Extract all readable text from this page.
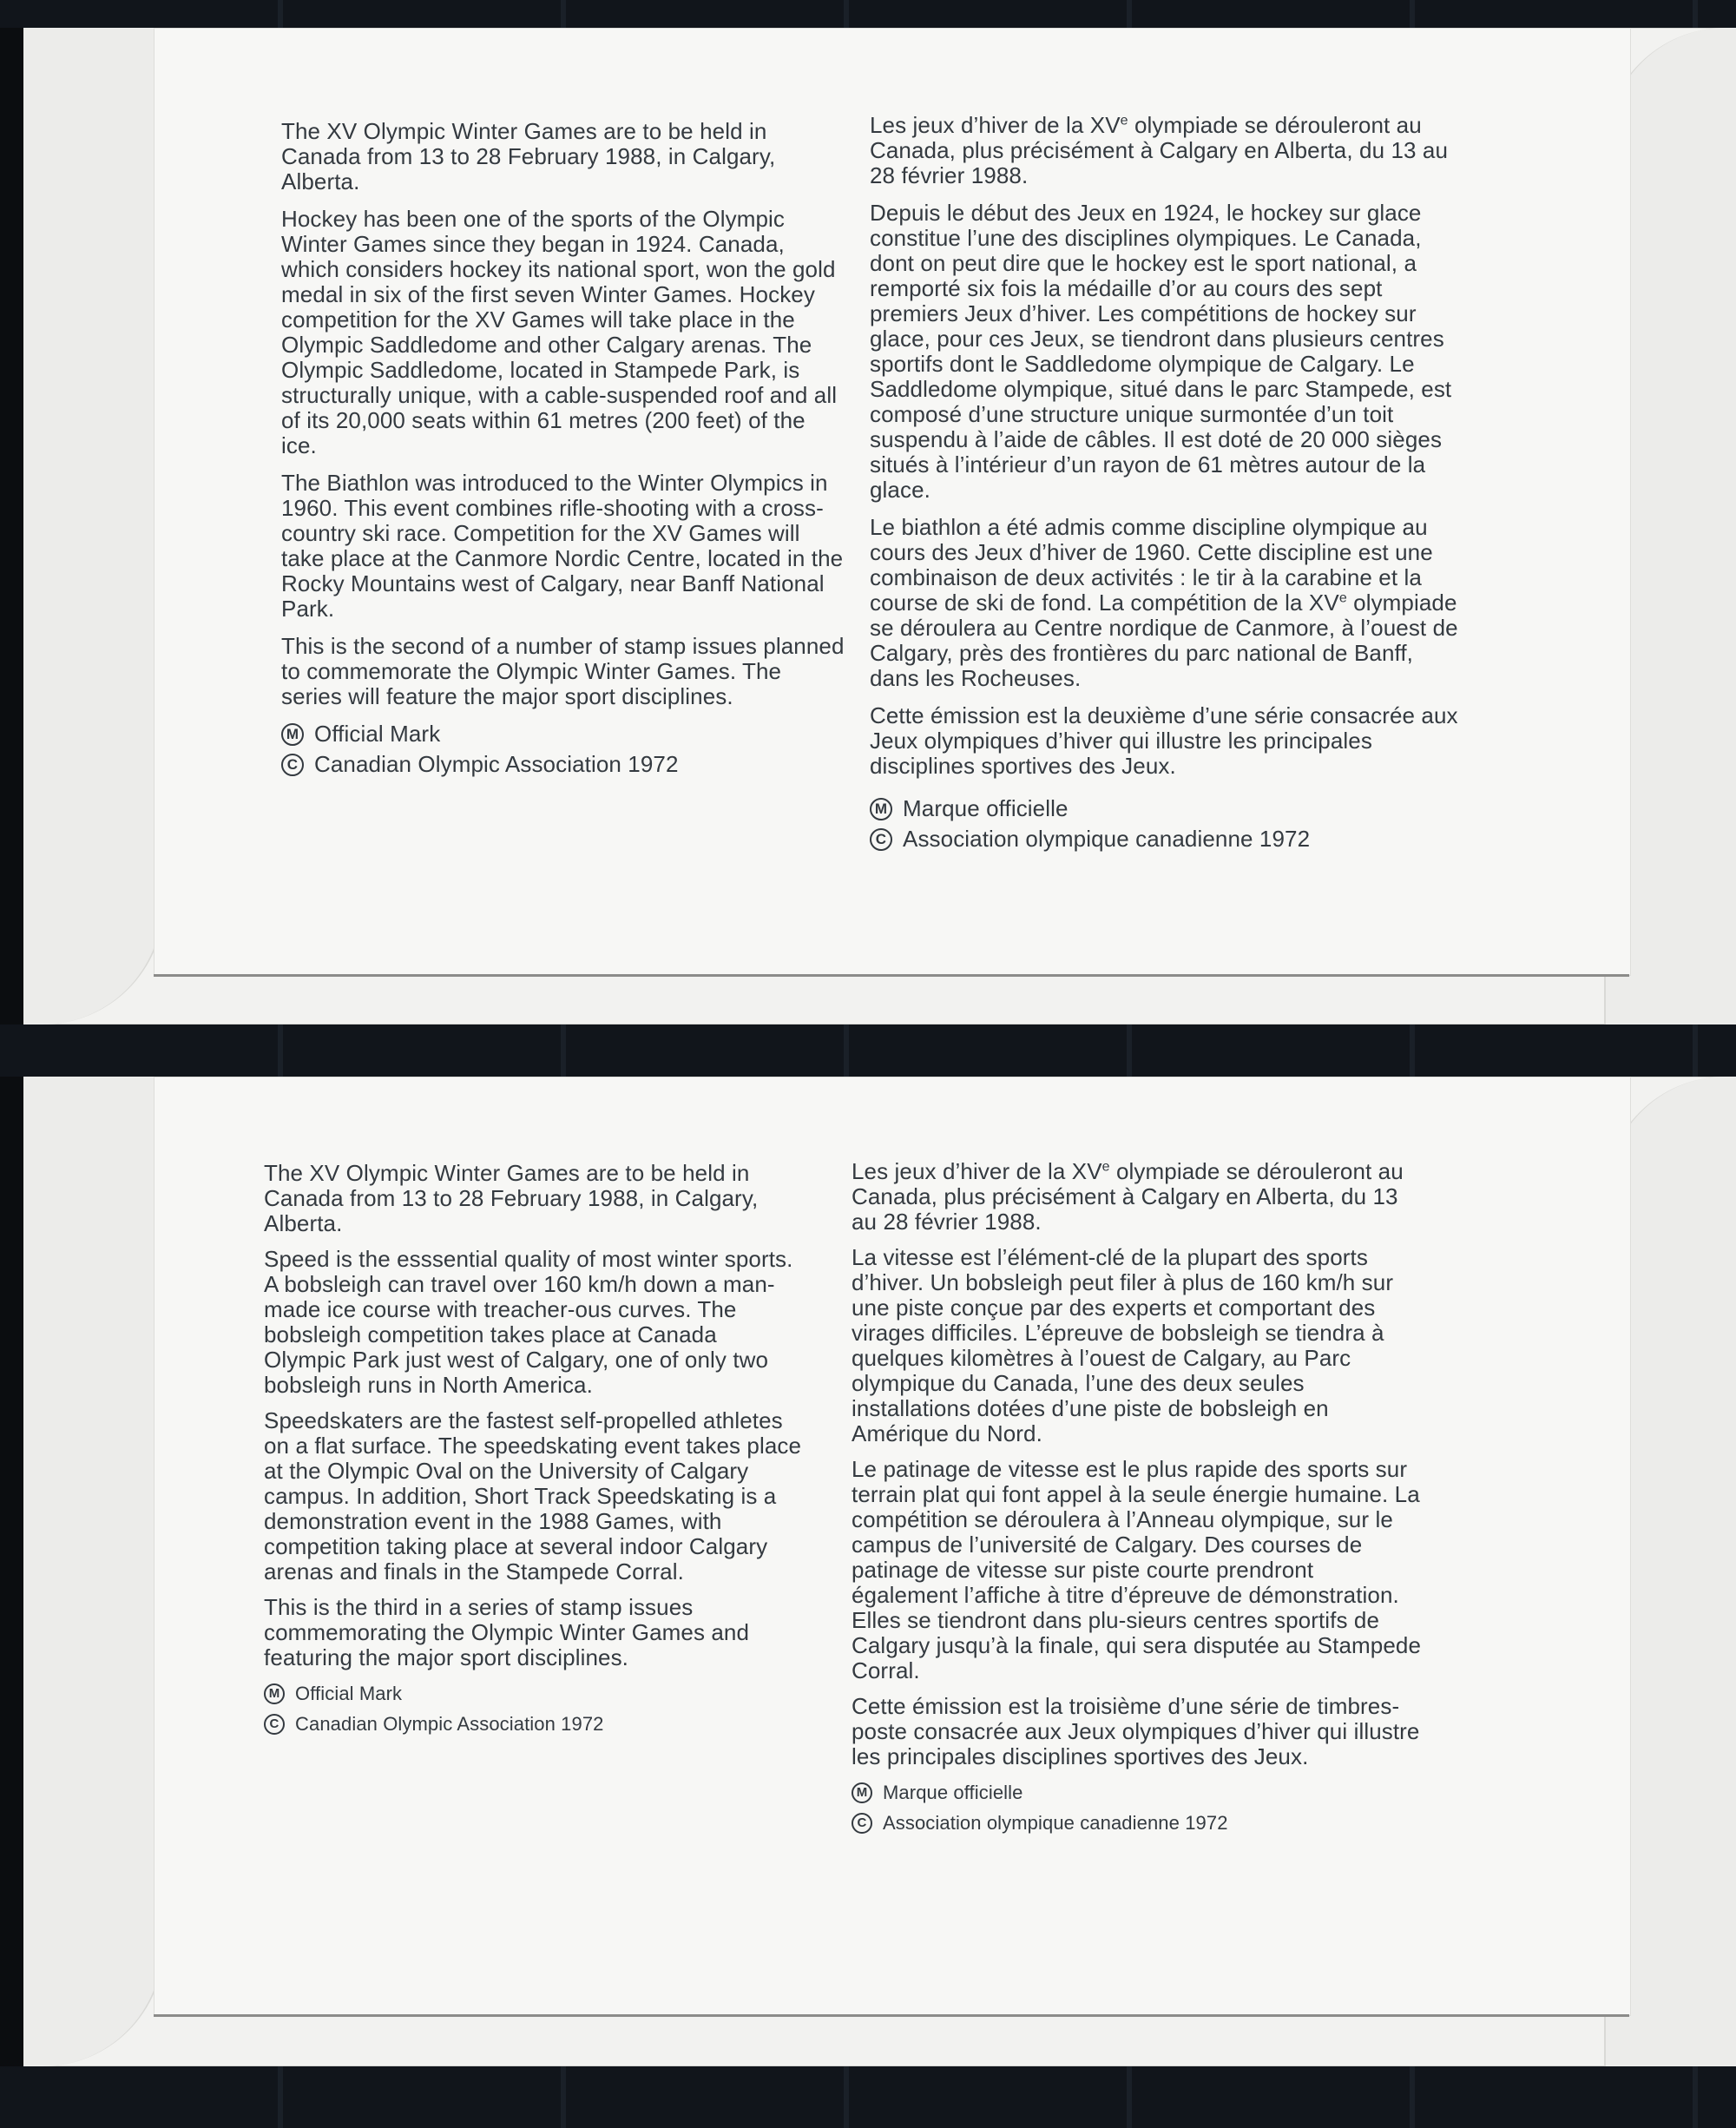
The XV Olympic Winter Games are to be held in Canada from 13 to 28 February 1988, in Calgary, Alberta.

Hockey has been one of the sports of the Olympic Winter Games since they began in 1924. Canada, which considers hockey its national sport, won the gold medal in six of the first seven Winter Games. Hockey competition for the XV Games will take place in the Olympic Saddledome and other Calgary arenas. The Olympic Saddledome, located in Stampede Park, is structurally unique, with a cable-suspended roof and all of its 20,000 seats within 61 metres (200 feet) of the ice.

The Biathlon was introduced to the Winter Olympics in 1960. This event combines rifle-shooting with a cross-country ski race. Competition for the XV Games will take place at the Canmore Nordic Centre, located in the Rocky Mountains west of Calgary, near Banff National Park.

This is the second of a number of stamp issues planned to commemorate the Olympic Winter Games. The series will feature the major sport disciplines.

M Official Mark
C Canadian Olympic Association 1972

Les jeux d’hiver de la XVe olympiade se dérouleront au Canada, plus précisément à Calgary en Alberta, du 13 au 28 février 1988.

Depuis le début des Jeux en 1924, le hockey sur glace constitue l’une des disciplines olympiques. Le Canada, dont on peut dire que le hockey est le sport national, a remporté six fois la médaille d’or au cours des sept premiers Jeux d’hiver. Les compétitions de hockey sur glace, pour ces Jeux, se tiendront dans plusieurs centres sportifs dont le Saddledome olympique de Calgary. Le Saddledome olympique, situé dans le parc Stampede, est composé d’une structure unique surmontée d’un toit suspendu à l’aide de câbles. Il est doté de 20 000 sièges situés à l’intérieur d’un rayon de 61 mètres autour de la glace.

Le biathlon a été admis comme discipline olympique au cours des Jeux d’hiver de 1960. Cette discipline est une combinaison de deux activités : le tir à la carabine et la course de ski de fond. La compétition de la XVe olympiade se déroulera au Centre nordique de Canmore, à l’ouest de Calgary, près des frontières du parc national de Banff, dans les Rocheuses.

Cette émission est la deuxième d’une série consacrée aux Jeux olympiques d’hiver qui illustre les principales disciplines sportives des Jeux.

M Marque officielle
C Association olympique canadienne 1972

The XV Olympic Winter Games are to be held in Canada from 13 to 28 February 1988, in Calgary, Alberta.

Speed is the esssential quality of most winter sports. A bobsleigh can travel over 160 km/h down a man-made ice course with treacher-ous curves. The bobsleigh competition takes place at Canada Olympic Park just west of Calgary, one of only two bobsleigh runs in North America.

Speedskaters are the fastest self-propelled athletes on a flat surface. The speedskating event takes place at the Olympic Oval on the University of Calgary campus. In addition, Short Track Speedskating is a demonstration event in the 1988 Games, with competition taking place at several indoor Calgary arenas and finals in the Stampede Corral.

This is the third in a series of stamp issues commemorating the Olympic Winter Games and featuring the major sport disciplines.

M Official Mark
C Canadian Olympic Association 1972

Les jeux d’hiver de la XVe olympiade se dérouleront au Canada, plus précisément à Calgary en Alberta, du 13 au 28 février 1988.

La vitesse est l’élément-clé de la plupart des sports d’hiver. Un bobsleigh peut filer à plus de 160 km/h sur une piste conçue par des experts et comportant des virages difficiles. L’épreuve de bobsleigh se tiendra à quelques kilomètres à l’ouest de Calgary, au Parc olympique du Canada, l’une des deux seules installations dotées d’une piste de bobsleigh en Amérique du Nord.

Le patinage de vitesse est le plus rapide des sports sur terrain plat qui font appel à la seule énergie humaine. La compétition se déroulera à l’Anneau olympique, sur le campus de l’université de Calgary. Des courses de patinage de vitesse sur piste courte prendront également l’affiche à titre d’épreuve de démonstration. Elles se tiendront dans plu-sieurs centres sportifs de Calgary jusqu’à la finale, qui sera disputée au Stampede Corral.

Cette émission est la troisième d’une série de timbres-poste consacrée aux Jeux olympiques d’hiver qui illustre les principales disciplines sportives des Jeux.

M Marque officielle
C Association olympique canadienne 1972
